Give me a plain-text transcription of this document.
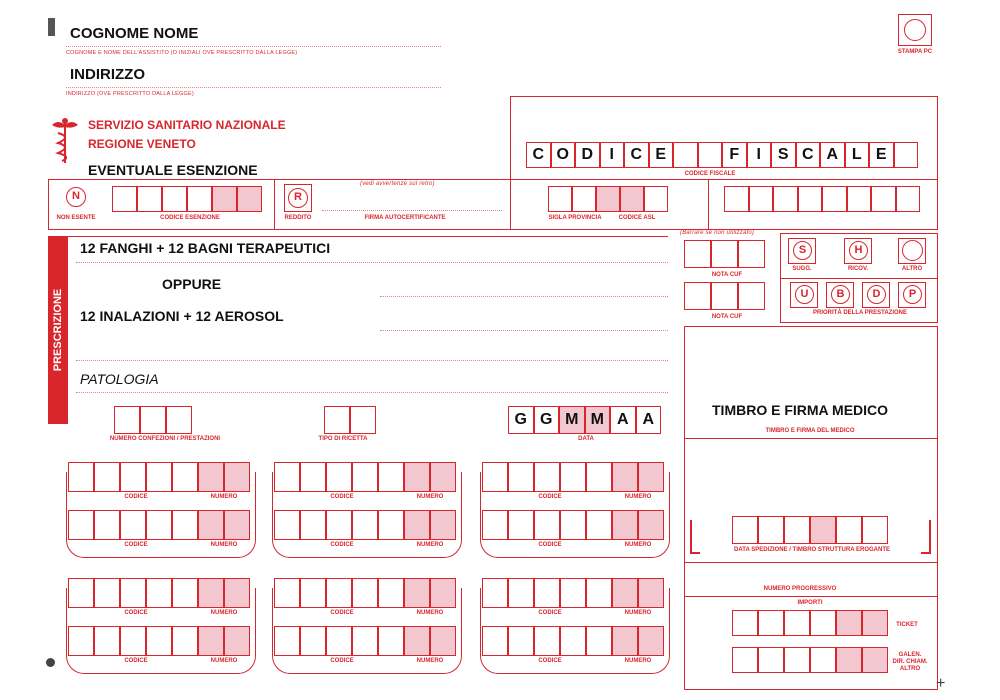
COGNOME NOME
COGNOME E NOME DELL'ASSISTITO (O INIZIALI OVE PRESCRITTO DALLA LEGGE)
INDIRIZZO
INDIRIZZO (OVE PRESCRITTO DALLA LEGGE)
STAMPA PC
SERVIZIO SANITARIO NAZIONALE
REGIONE VENETO
EVENTUALE ESENZIONE	CODICE FISCALE
N
NON ESENTE	CODICE ESENZIONE
R
REDDITO
(vedi avvertenze sul retro)
FIRMA AUTOCERTIFICANTE	SIGLA PROVINCIA	CODICE ASL
PRESCRIZIONE
12 FANGHI + 12 BAGNI TERAPEUTICI
OPPURE
12 INALAZIONI + 12 AEROSOL
PATOLOGIA
(Barrare se non utilizzato)
NOTA CUF
NOTA CUF
S
SUGG.
H
RICOV.	ALTRO
U	B	D	P
PRIORITÀ DELLA PRESTAZIONE
TIMBRO E FIRMA MEDICO
TIMBRO E FIRMA DEL MEDICO
DATA SPEDIZIONE / TIMBRO STRUTTURA EROGANTE
NUMERO PROGRESSIVO
IMPORTI
TICKET
GALEN. DIR. CHIAM. ALTRO
NUMERO CONFEZIONI / PRESTAZIONI	TIPO DI RICETTA	DATA
+
C O D	I	C E	F	I	S C A L E
G G M M A A
CODICE	NUMERO
CODICE	NUMERO
CODICE	NUMERO
CODICE	NUMERO
CODICE	NUMERO
CODICE	NUMERO
CODICE	NUMERO
CODICE	NUMERO
CODICE	NUMERO
CODICE	NUMERO
CODICE	NUMERO
CODICE	NUMERO
